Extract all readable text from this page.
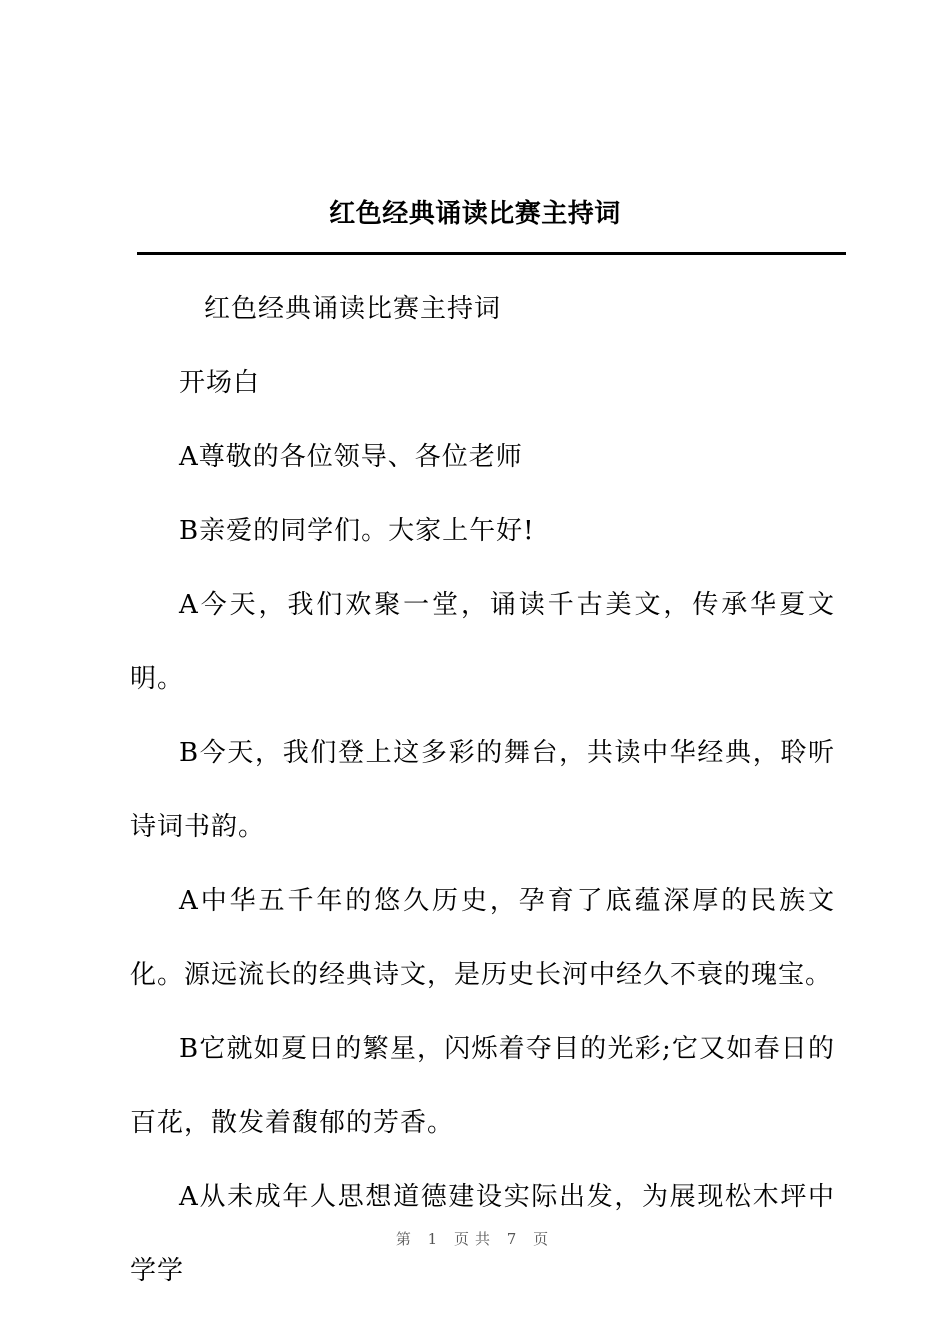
红色经典诵读比赛主持词

红色经典诵读比赛主持词

开场白

A尊敬的各位领导、各位老师

B亲爱的同学们。大家上午好!

A今天，我们欢聚一堂，诵读千古美文，传承华夏文明。

B今天，我们登上这多彩的舞台，共读中华经典，聆听诗词书韵。

A中华五千年的悠久历史，孕育了底蕴深厚的民族文化。源远流长的经典诗文，是历史长河中经久不衰的瑰宝。

B它就如夏日的繁星，闪烁着夺目的光彩;它又如春日的百花，散发着馥郁的芳香。

A从未成年人思想道德建设实际出发，为展现松木坪中学学

第 1 页共 7 页
